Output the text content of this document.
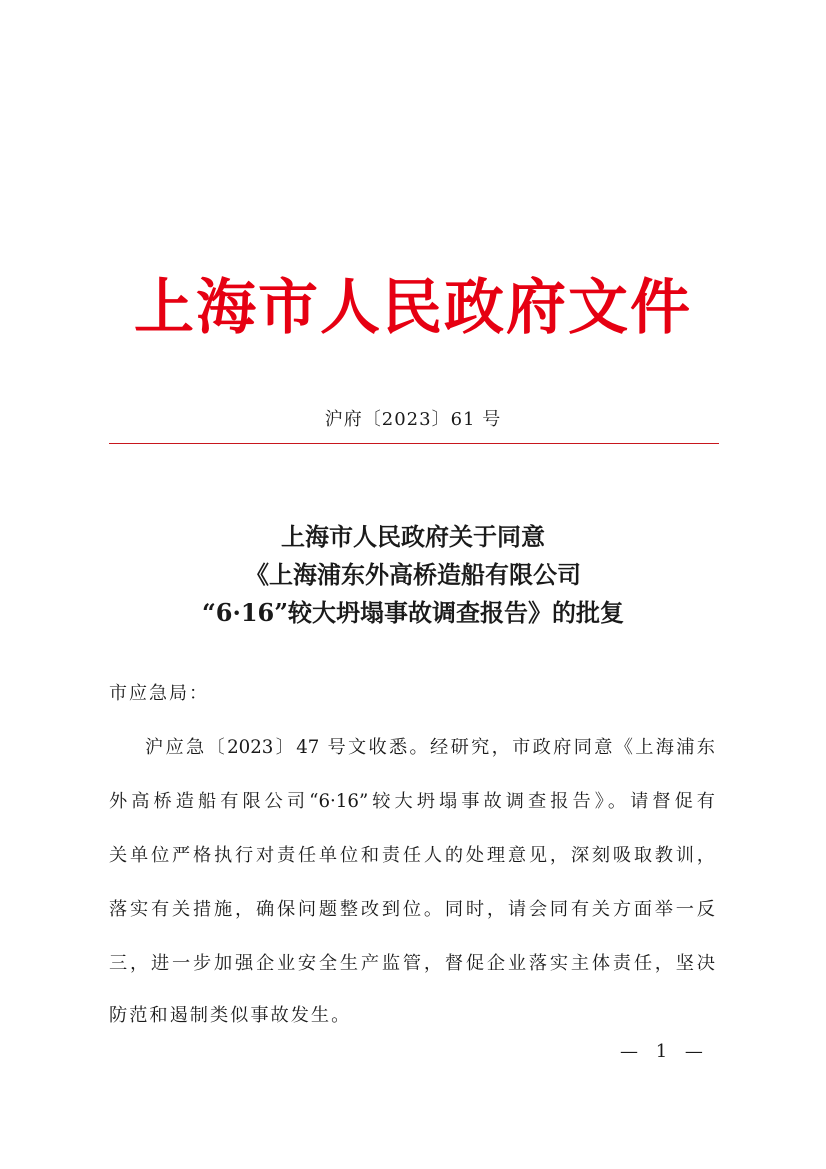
上海市人民政府文件
沪府〔2023〕61 号
上海市人民政府关于同意
《上海浦东外高桥造船有限公司
“6·16”较大坍塌事故调查报告》的批复
市应急局：
沪应急〔2023〕47 号文收悉。经研究，市政府同意《上海浦东
外高桥造船有限公司“6·16”较大坍塌事故调查报告》。请督促有
关单位严格执行对责任单位和责任人的处理意见，深刻吸取教训，
落实有关措施，确保问题整改到位。同时，请会同有关方面举一反
三，进一步加强企业安全生产监管，督促企业落实主体责任，坚决
防范和遏制类似事故发生。
— 1 —
